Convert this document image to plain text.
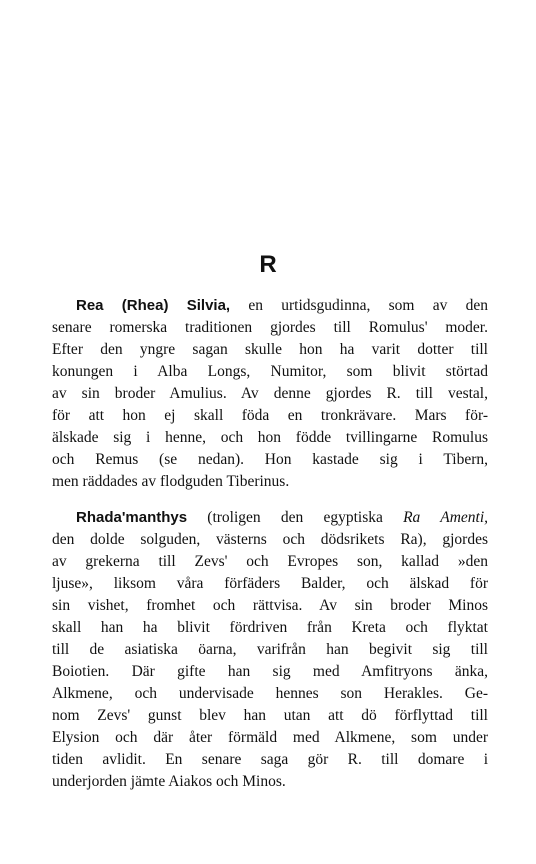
R
Rea (Rhea) Silvia, en urtidsgudinna, som av den
senare romerska traditionen gjordes till Romulus' moder.
Efter den yngre sagan skulle hon ha varit dotter till
konungen i Alba Longs, Numitor, som blivit störtad
av sin broder Amulius. Av denne gjordes R. till vestal,
för att hon ej skall föda en tronkrävare. Mars för-
älskade sig i henne, och hon födde tvillingarne Romulus
och Remus (se nedan). Hon kastade sig i Tibern,
men räddades av flodguden Tiberinus.
Rhada'manthys (troligen den egyptiska Ra Amenti,
den dolde solguden, västerns och dödsrikets Ra), gjordes
av grekerna till Zevs' och Evropes son, kallad »den
ljuse», liksom våra förfäders Balder, och älskad för
sin vishet, fromhet och rättvisa. Av sin broder Minos
skall han ha blivit fördriven från Kreta och flyktat
till de asiatiska öarna, varifrån han begivit sig till
Boiotien. Där gifte han sig med Amfitryons änka,
Alkmene, och undervisade hennes son Herakles. Ge-
nom Zevs' gunst blev han utan att dö förflyttad till
Elysion och där åter förmäld med Alkmene, som under
tiden avlidit. En senare saga gör R. till domare i
underjorden jämte Aiakos och Minos.
